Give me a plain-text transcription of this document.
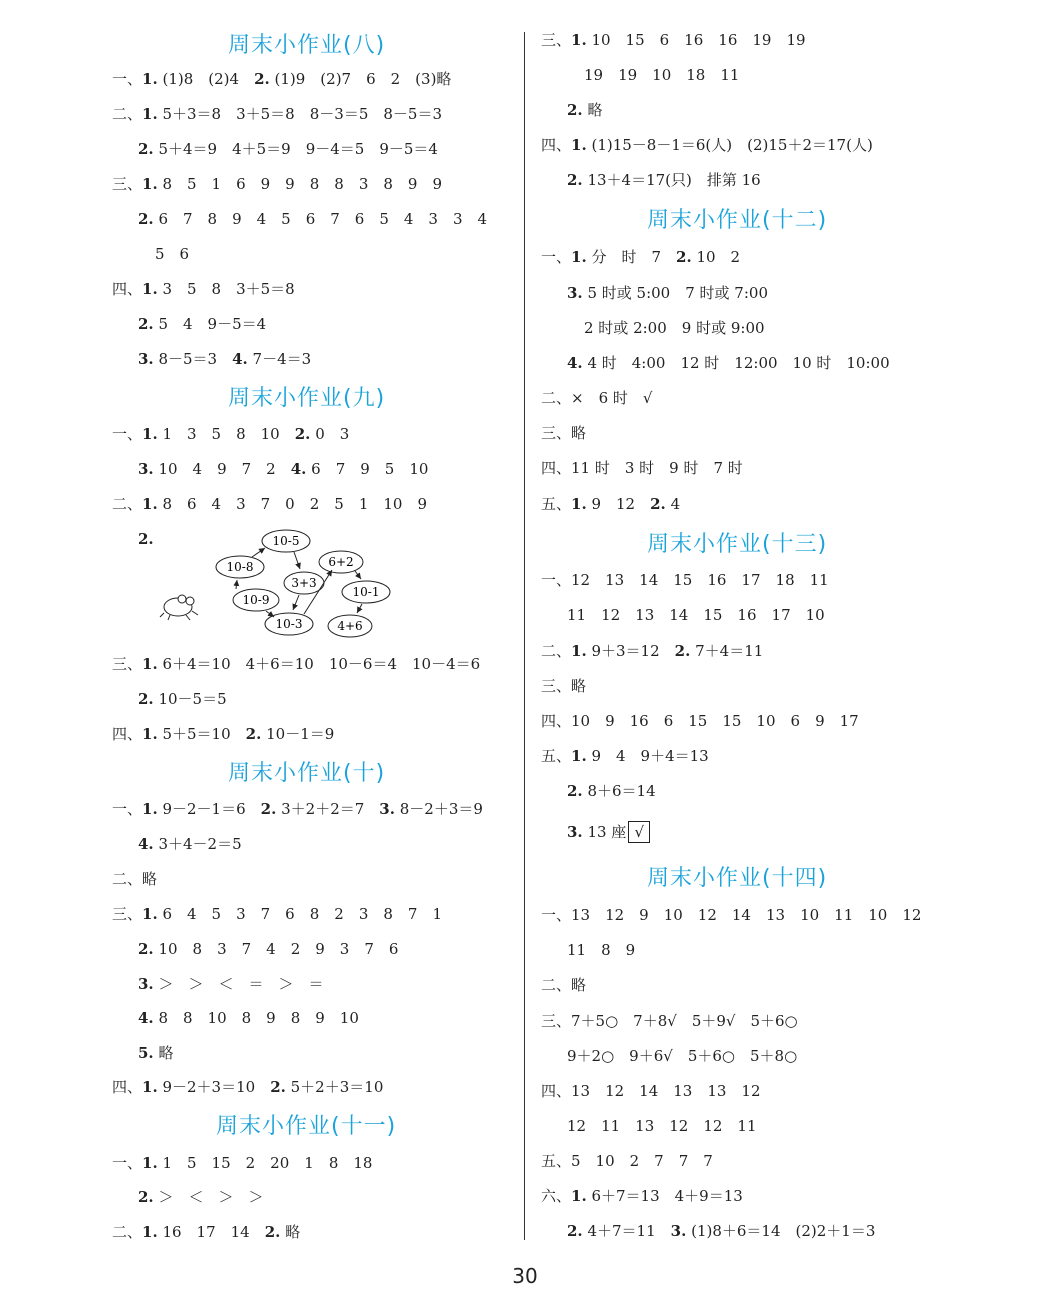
周末小作业(八)
一、1. (1)8　(2)4　2. (1)9　(2)7　6　2　(3)略
二、1. 5＋3＝8　3＋5＝8　8－3＝5　8－5＝3
2. 5＋4＝9　4＋5＝9　9－4＝5　9－5＝4
三、1. 8　5　1　6　9　9　8　8　3　8　9　9
2. 6　7　8　9　4　5　6　7　6　5　4　3　3　4
5　6
四、1. 3　5　8　3＋5＝8
2. 5　4　9－5＝4
3. 8－5＝3　4. 7－4＝3
周末小作业(九)
一、1. 1　3　5　8　10　2. 0　3
3. 10　4　9　7　2　4. 6　7　9　5　10
二、1. 8　6　4　3　7　0　2　5　1　10　9
2.	10-5
10-8
3+3
6+2
10-1
10-9
10-3	4+6
三、1. 6＋4＝10　4＋6＝10　10－6＝4　10－4＝6
2. 10－5＝5
四、1. 5＋5＝10　2. 10－1＝9
周末小作业(十)
一、1. 9－2－1＝6　2. 3＋2＋2＝7　3. 8－2＋3＝9
4. 3＋4－2＝5
二、略
三、1. 6　4　5　3　7　6　8　2　3　8　7　1
2. 10　8　3　7　4　2　9　3　7　6
3. ＞　＞　＜　＝　＞　＝
4. 8　8　10　8　9　8　9　10
5. 略
四、1. 9－2＋3＝10　2. 5＋2＋3＝10
周末小作业(十一)
一、1. 1　5　15　2　20　1　8　18
2. ＞　＜　＞　＞
二、1. 16　17　14　2. 略
三、1. 10　15　6　16　16　19　19
19　19　10　18　11
2. 略
四、1. (1)15－8－1＝6(人)　(2)15＋2＝17(人)
2. 13＋4＝17(只)　排第 16
周末小作业(十二)
一、1. 分　时　7　2. 10　2
3. 5 时或 5:00　7 时或 7:00
2 时或 2:00　9 时或 9:00
4. 4 时　4:00　12 时　12:00　10 时　10:00
二、×　6 时　√
三、略
四、11 时　3 时　9 时　7 时
五、1. 9　12　2. 4
周末小作业(十三)
一、12　13　14　15　16　17　18　11
11　12　13　14　15　16　17　10
二、1. 9＋3＝12　2. 7＋4＝11
三、略
四、10　9　16　6　15　15　10　6　9　17
五、1. 9　4　9＋4＝13
2. 8＋6＝14
3. 13 座 √
周末小作业(十四)
一、13　12　9　10　12　14　13　10　11　10　12
11　8　9
二、略
三、7＋5○　7＋8√　5＋9√　5＋6○
9＋2○　9＋6√　5＋6○　5＋8○
四、13　12　14　13　13　12
12　11　13　12　12　11
五、5　10　2　7　7　7
六、1. 6＋7＝13　4＋9＝13
2. 4＋7＝11　3. (1)8＋6＝14　(2)2＋1＝3
30
